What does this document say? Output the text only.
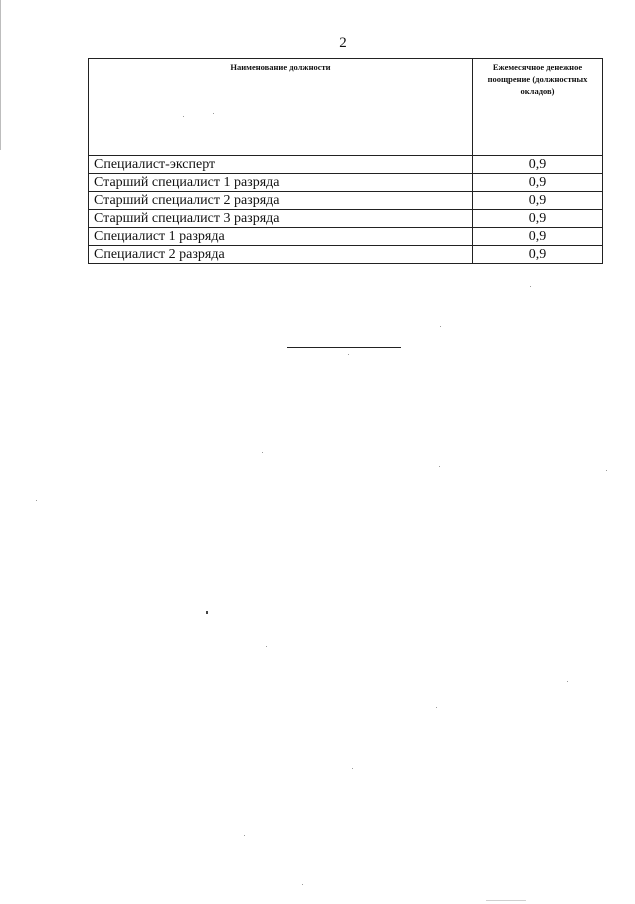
2
Наименование должности	Ежемесячное денежное поощрение (должностных окладов)
Специалист-эксперт	0,9
Старший специалист 1 разряда	0,9
Старший специалист 2 разряда	0,9
Старший специалист 3 разряда	0,9
Специалист 1 разряда	0,9
Специалист 2 разряда	0,9
